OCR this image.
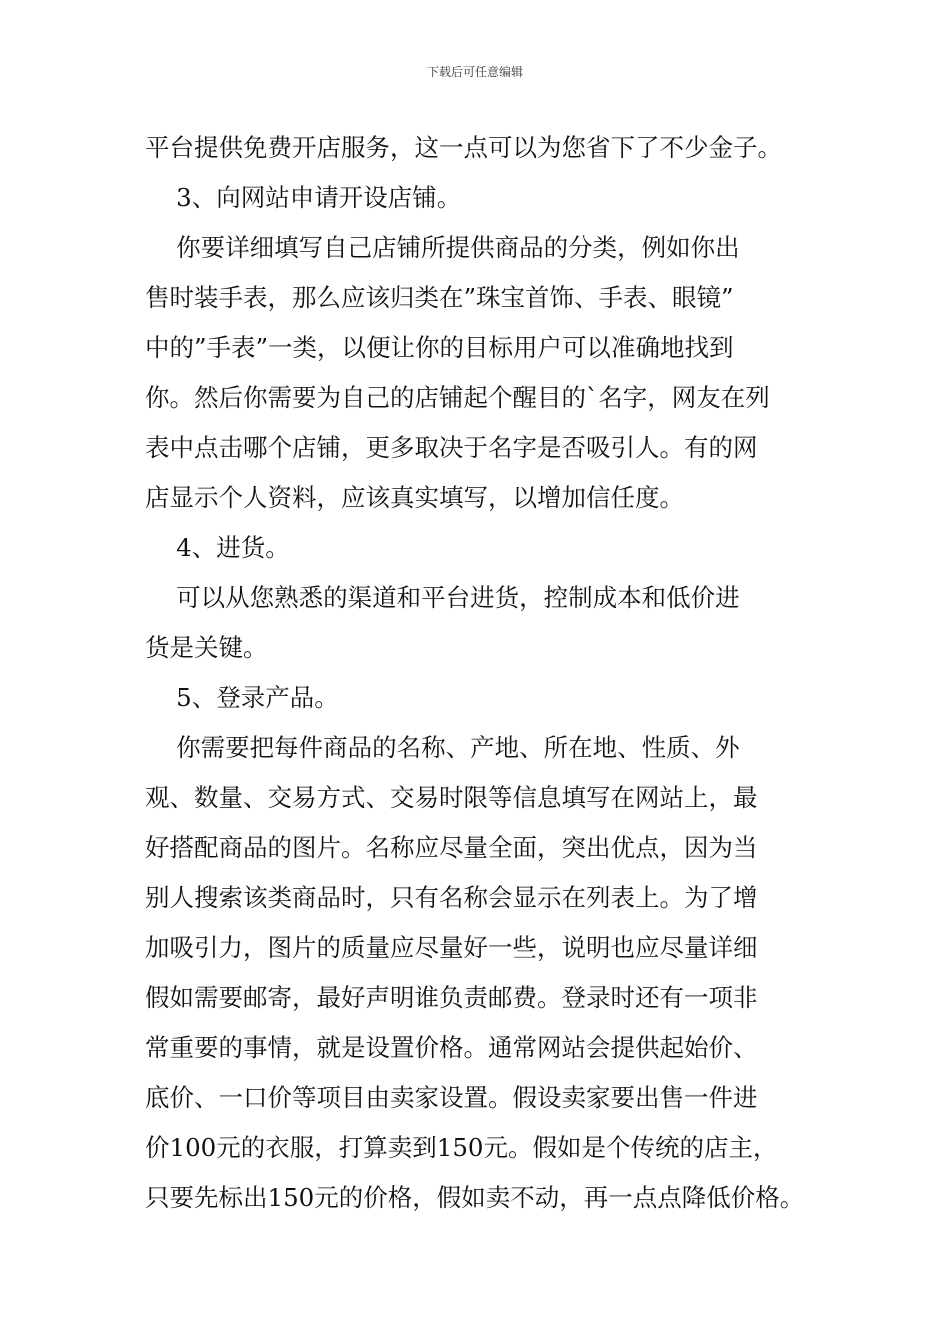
下载后可任意编辑
平台提供免费开店服务，这一点可以为您省下了不少金子。
3、向网站申请开设店铺。
你要详细填写自己店铺所提供商品的分类，例如你出
售时装手表，那么应该归类在”珠宝首饰、手表、眼镜”
中的”手表”一类，以便让你的目标用户可以准确地找到
你。然后你需要为自己的店铺起个醒目的`名字，网友在列
表中点击哪个店铺，更多取决于名字是否吸引人。有的网
店显示个人资料，应该真实填写，以增加信任度。
4、进货。
可以从您熟悉的渠道和平台进货，控制成本和低价进
货是关键。
5、登录产品。
你需要把每件商品的名称、产地、所在地、性质、外
观、数量、交易方式、交易时限等信息填写在网站上，最
好搭配商品的图片。名称应尽量全面，突出优点，因为当
别人搜索该类商品时，只有名称会显示在列表上。为了增
加吸引力，图片的质量应尽量好一些，说明也应尽量详细
假如需要邮寄，最好声明谁负责邮费。登录时还有一项非
常重要的事情，就是设置价格。通常网站会提供起始价、
底价、一口价等项目由卖家设置。假设卖家要出售一件进
价100元的衣服，打算卖到150元。假如是个传统的店主，
只要先标出150元的价格，假如卖不动，再一点点降低价格。
